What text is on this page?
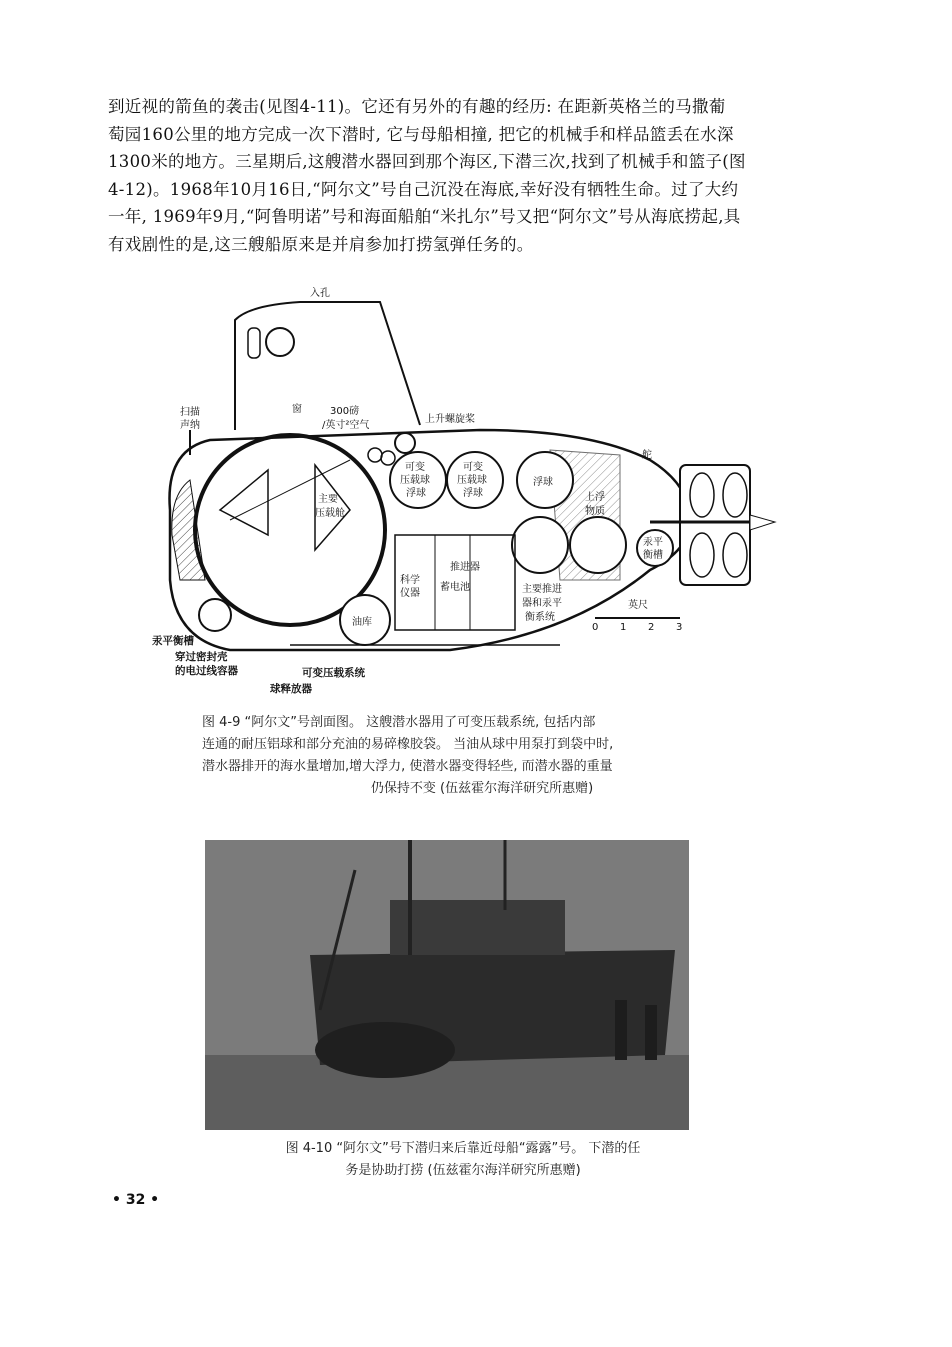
到近视的箭鱼的袭击(见图4-11)。它还有另外的有趣的经历: 在距新英格兰的马撒葡
萄园160公里的地方完成一次下潜时, 它与母船相撞, 把它的机械手和样品篮丢在水深
1300米的地方。三星期后,这艘潜水器回到那个海区,下潜三次,找到了机械手和篮子(图
4-12)。1968年10月16日,“阿尔文”号自己沉没在海底,幸好没有牺牲生命。过了大约
一年, 1969年9月,“阿鲁明诺”号和海面船舶“米扎尔”号又把“阿尔文”号从海底捞起,具
有戏剧性的是,这三艘船原来是并肩参加打捞氢弹任务的。
入孔
扫描
声纳
窗	300磅
/英寸²空气
上升螺旋桨
可变
压载球
浮球
可变
压载球
浮球
浮球
舵
主要
压载舱
上浮
物质
推进器
蓄电池
科学
仪器
油库
汞平
衡槽
主要推进
器和汞平
衡系统
英尺
0 1 2 3
汞平衡槽
穿过密封壳
的电过线容器	可变压载系统
球释放器
图 4-9 “阿尔文”号剖面图。 这艘潜水器用了可变压载系统, 包括内部
连通的耐压铝球和部分充油的易碎橡胶袋。 当油从球中用泵打到袋中时,
潜水器排开的海水量增加,增大浮力, 使潜水器变得轻些, 而潜水器的重量
仍保持不变 (伍兹霍尔海洋研究所惠赠)
图 4-10 “阿尔文”号下潜归来后靠近母船“露露”号。 下潜的任
务是协助打捞 (伍兹霍尔海洋研究所惠赠)
• 32 •
